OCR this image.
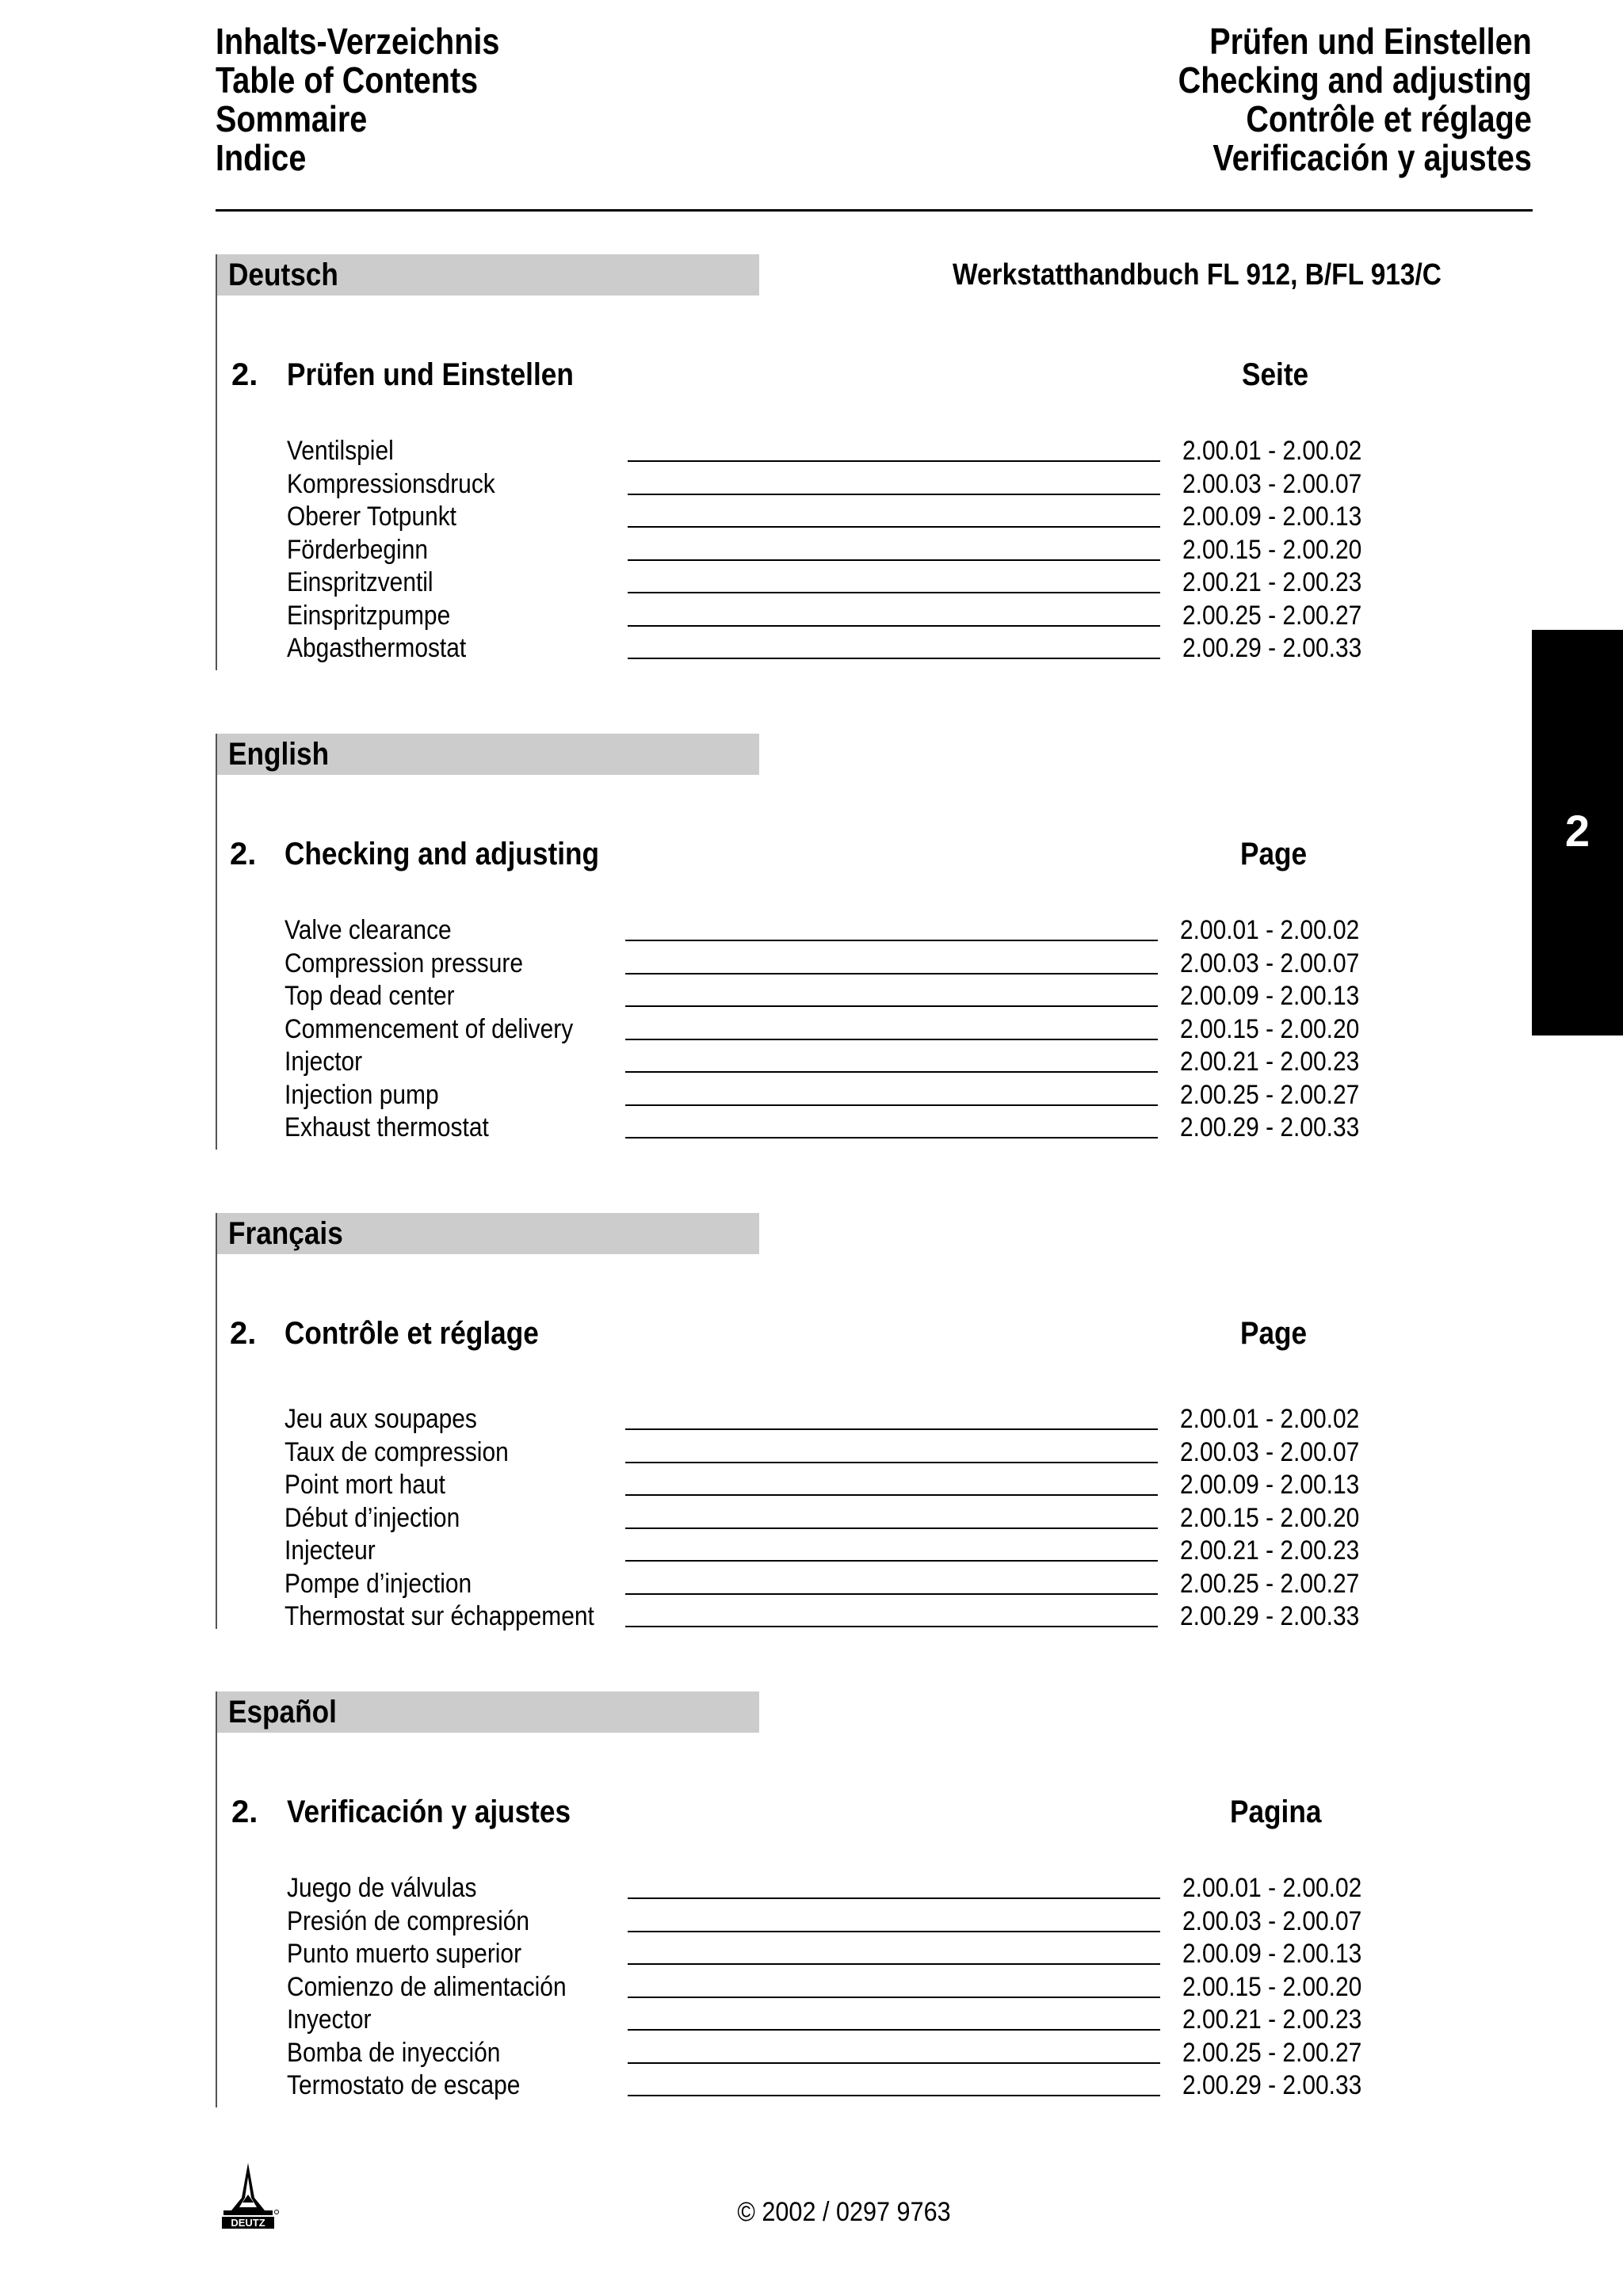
Inhalts-Verzeichnis
Table of Contents
Sommaire
Indice
Prüfen und Einstellen
Checking and adjusting
Contrôle et réglage
Verificación y ajustes
Deutsch	Werkstatthandbuch FL 912, B/FL 913/C
2. Prüfen und Einstellen	Seite
Ventilspiel	2.00.01 - 2.00.02
Kompressionsdruck	2.00.03 - 2.00.07
Oberer Totpunkt	2.00.09 - 2.00.13
Förderbeginn	2.00.15 - 2.00.20
Einspritzventil	2.00.21 - 2.00.23
Einspritzpumpe	2.00.25 - 2.00.27
Abgasthermostat	2.00.29 - 2.00.33
English
2. Checking and adjusting	Page
Valve clearance	2.00.01 - 2.00.02
Compression pressure	2.00.03 - 2.00.07
Top dead center	2.00.09 - 2.00.13
Commencement of delivery	2.00.15 - 2.00.20
Injector	2.00.21 - 2.00.23
Injection pump	2.00.25 - 2.00.27
Exhaust thermostat	2.00.29 - 2.00.33
Français
2. Contrôle et réglage	Page
Jeu aux soupapes	2.00.01 - 2.00.02
Taux de compression	2.00.03 - 2.00.07
Point mort haut	2.00.09 - 2.00.13
Début d’injection	2.00.15 - 2.00.20
Injecteur	2.00.21 - 2.00.23
Pompe d’injection	2.00.25 - 2.00.27
Thermostat sur échappement	2.00.29 - 2.00.33
Español
2. Verificación y ajustes	Pagina
Juego de válvulas	2.00.01 - 2.00.02
Presión de compresión	2.00.03 - 2.00.07
Punto muerto superior	2.00.09 - 2.00.13
Comienzo de alimentación	2.00.15 - 2.00.20
Inyector	2.00.21 - 2.00.23
Bomba de inyección	2.00.25 - 2.00.27
Termostato de escape	2.00.29 - 2.00.33
2
DEUTZ	© 2002 / 0297 9763
